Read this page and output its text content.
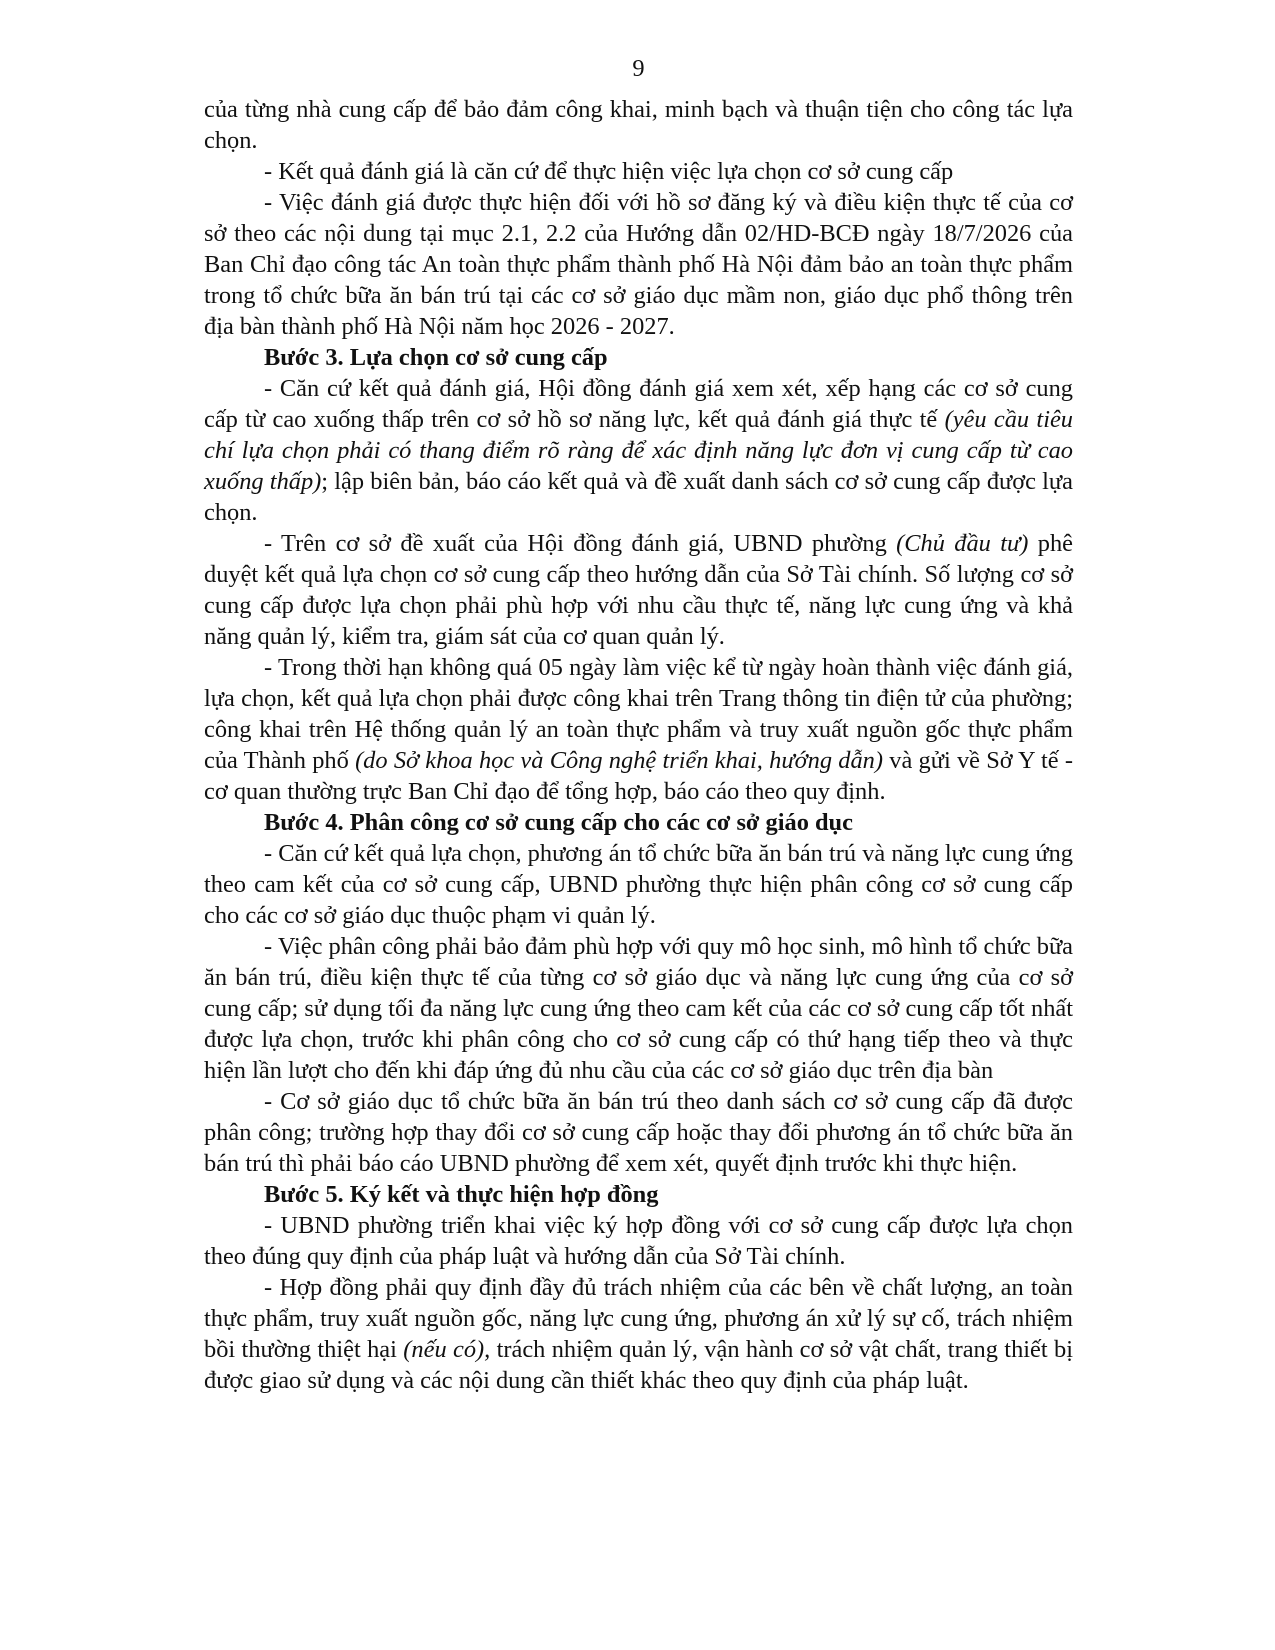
9

của từng nhà cung cấp để bảo đảm công khai, minh bạch và thuận tiện cho công tác lựa chọn.

- Kết quả đánh giá là căn cứ để thực hiện việc lựa chọn cơ sở cung cấp

- Việc đánh giá được thực hiện đối với hồ sơ đăng ký và điều kiện thực tế của cơ sở theo các nội dung tại mục 2.1, 2.2 của Hướng dẫn 02/HD-BCĐ ngày 18/7/2026 của Ban Chỉ đạo công tác An toàn thực phẩm thành phố Hà Nội đảm bảo an toàn thực phẩm trong tổ chức bữa ăn bán trú tại các cơ sở giáo dục mầm non, giáo dục phổ thông trên địa bàn thành phố Hà Nội năm học 2026 - 2027.

Bước 3. Lựa chọn cơ sở cung cấp

- Căn cứ kết quả đánh giá, Hội đồng đánh giá xem xét, xếp hạng các cơ sở cung cấp từ cao xuống thấp trên cơ sở hồ sơ năng lực, kết quả đánh giá thực tế (yêu cầu tiêu chí lựa chọn phải có thang điểm rõ ràng để xác định năng lực đơn vị cung cấp từ cao xuống thấp); lập biên bản, báo cáo kết quả và đề xuất danh sách cơ sở cung cấp được lựa chọn.

- Trên cơ sở đề xuất của Hội đồng đánh giá, UBND phường (Chủ đầu tư) phê duyệt kết quả lựa chọn cơ sở cung cấp theo hướng dẫn của Sở Tài chính. Số lượng cơ sở cung cấp được lựa chọn phải phù hợp với nhu cầu thực tế, năng lực cung ứng và khả năng quản lý, kiểm tra, giám sát của cơ quan quản lý.

- Trong thời hạn không quá 05 ngày làm việc kể từ ngày hoàn thành việc đánh giá, lựa chọn, kết quả lựa chọn phải được công khai trên Trang thông tin điện tử của phường; công khai trên Hệ thống quản lý an toàn thực phẩm và truy xuất nguồn gốc thực phẩm của Thành phố (do Sở khoa học và Công nghệ triển khai, hướng dẫn) và gửi về Sở Y tế - cơ quan thường trực Ban Chỉ đạo để tổng hợp, báo cáo theo quy định.

Bước 4. Phân công cơ sở cung cấp cho các cơ sở giáo dục

- Căn cứ kết quả lựa chọn, phương án tổ chức bữa ăn bán trú và năng lực cung ứng theo cam kết của cơ sở cung cấp, UBND phường thực hiện phân công cơ sở cung cấp cho các cơ sở giáo dục thuộc phạm vi quản lý.

- Việc phân công phải bảo đảm phù hợp với quy mô học sinh, mô hình tổ chức bữa ăn bán trú, điều kiện thực tế của từng cơ sở giáo dục và năng lực cung ứng của cơ sở cung cấp; sử dụng tối đa năng lực cung ứng theo cam kết của các cơ sở cung cấp tốt nhất được lựa chọn, trước khi phân công cho cơ sở cung cấp có thứ hạng tiếp theo và thực hiện lần lượt cho đến khi đáp ứng đủ nhu cầu của các cơ sở giáo dục trên địa bàn

- Cơ sở giáo dục tổ chức bữa ăn bán trú theo danh sách cơ sở cung cấp đã được phân công; trường hợp thay đổi cơ sở cung cấp hoặc thay đổi phương án tổ chức bữa ăn bán trú thì phải báo cáo UBND phường để xem xét, quyết định trước khi thực hiện.

Bước 5. Ký kết và thực hiện hợp đồng

- UBND phường triển khai việc ký hợp đồng với cơ sở cung cấp được lựa chọn theo đúng quy định của pháp luật và hướng dẫn của Sở Tài chính.

- Hợp đồng phải quy định đầy đủ trách nhiệm của các bên về chất lượng, an toàn thực phẩm, truy xuất nguồn gốc, năng lực cung ứng, phương án xử lý sự cố, trách nhiệm bồi thường thiệt hại (nếu có), trách nhiệm quản lý, vận hành cơ sở vật chất, trang thiết bị được giao sử dụng và các nội dung cần thiết khác theo quy định của pháp luật.
